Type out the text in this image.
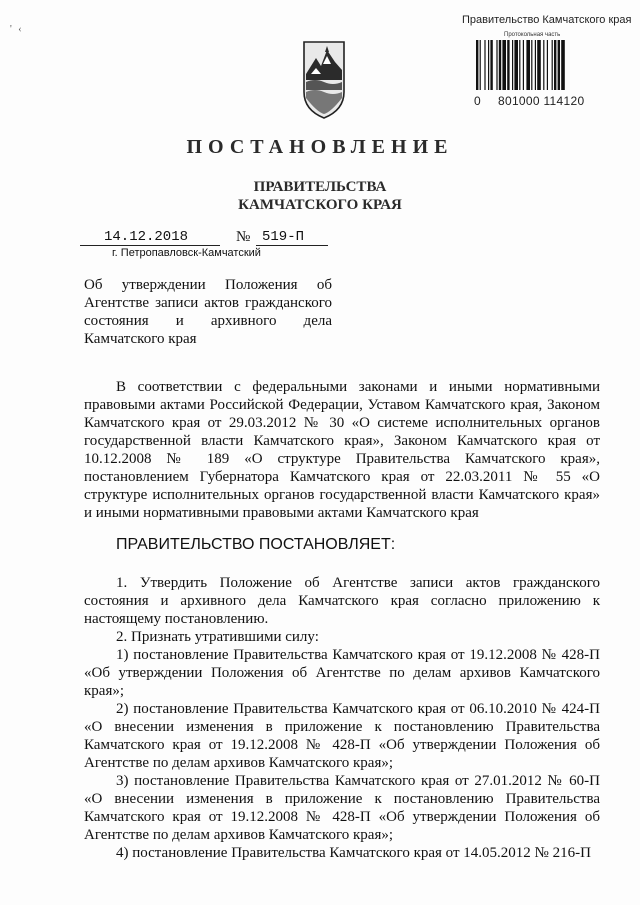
' ‹
Правительство Камчатского края
Протокольная часть
0 801000 114120
ПОСТАНОВЛЕНИЕ
ПРАВИТЕЛЬСТВА
КАМЧАТСКОГО КРАЯ
14.12.2018	№ 519-П
г. Петропавловск-Камчатский
Об утверждении Положения об Агентстве записи актов гражданского состояния и архивного дела Камчатского края
В соответствии с федеральными законами и иными нормативными правовыми актами Российской Федерации, Уставом Камчатского края, Законом Камчатского края от 29.03.2012 № 30 «О системе исполнительных органов государственной власти Камчатского края», Законом Камчатского края от 10.12.2008 № 189 «О структуре Правительства Камчатского края», постановлением Губернатора Камчатского края от 22.03.2011 № 55 «О структуре исполнительных органов государственной власти Камчатского края» и иными нормативными правовыми актами Камчатского края
ПРАВИТЕЛЬСТВО ПОСТАНОВЛЯЕТ:

1. Утвердить Положение об Агентстве записи актов гражданского состояния и архивного дела Камчатского края согласно приложению к настоящему постановлению.

2. Признать утратившими силу:

1) постановление Правительства Камчатского края от 19.12.2008 № 428-П «Об утверждении Положения об Агентстве по делам архивов Камчатского края»;

2) постановление Правительства Камчатского края от 06.10.2010 № 424-П «О внесении изменения в приложение к постановлению Правительства Камчатского края от 19.12.2008 № 428-П «Об утверждении Положения об Агентстве по делам архивов Камчатского края»;

3) постановление Правительства Камчатского края от 27.01.2012 № 60-П «О внесении изменения в приложение к постановлению Правительства Камчатского края от 19.12.2008 № 428-П «Об утверждении Положения об Агентстве по делам архивов Камчатского края»;

4) постановление Правительства Камчатского края от 14.05.2012 № 216-П
